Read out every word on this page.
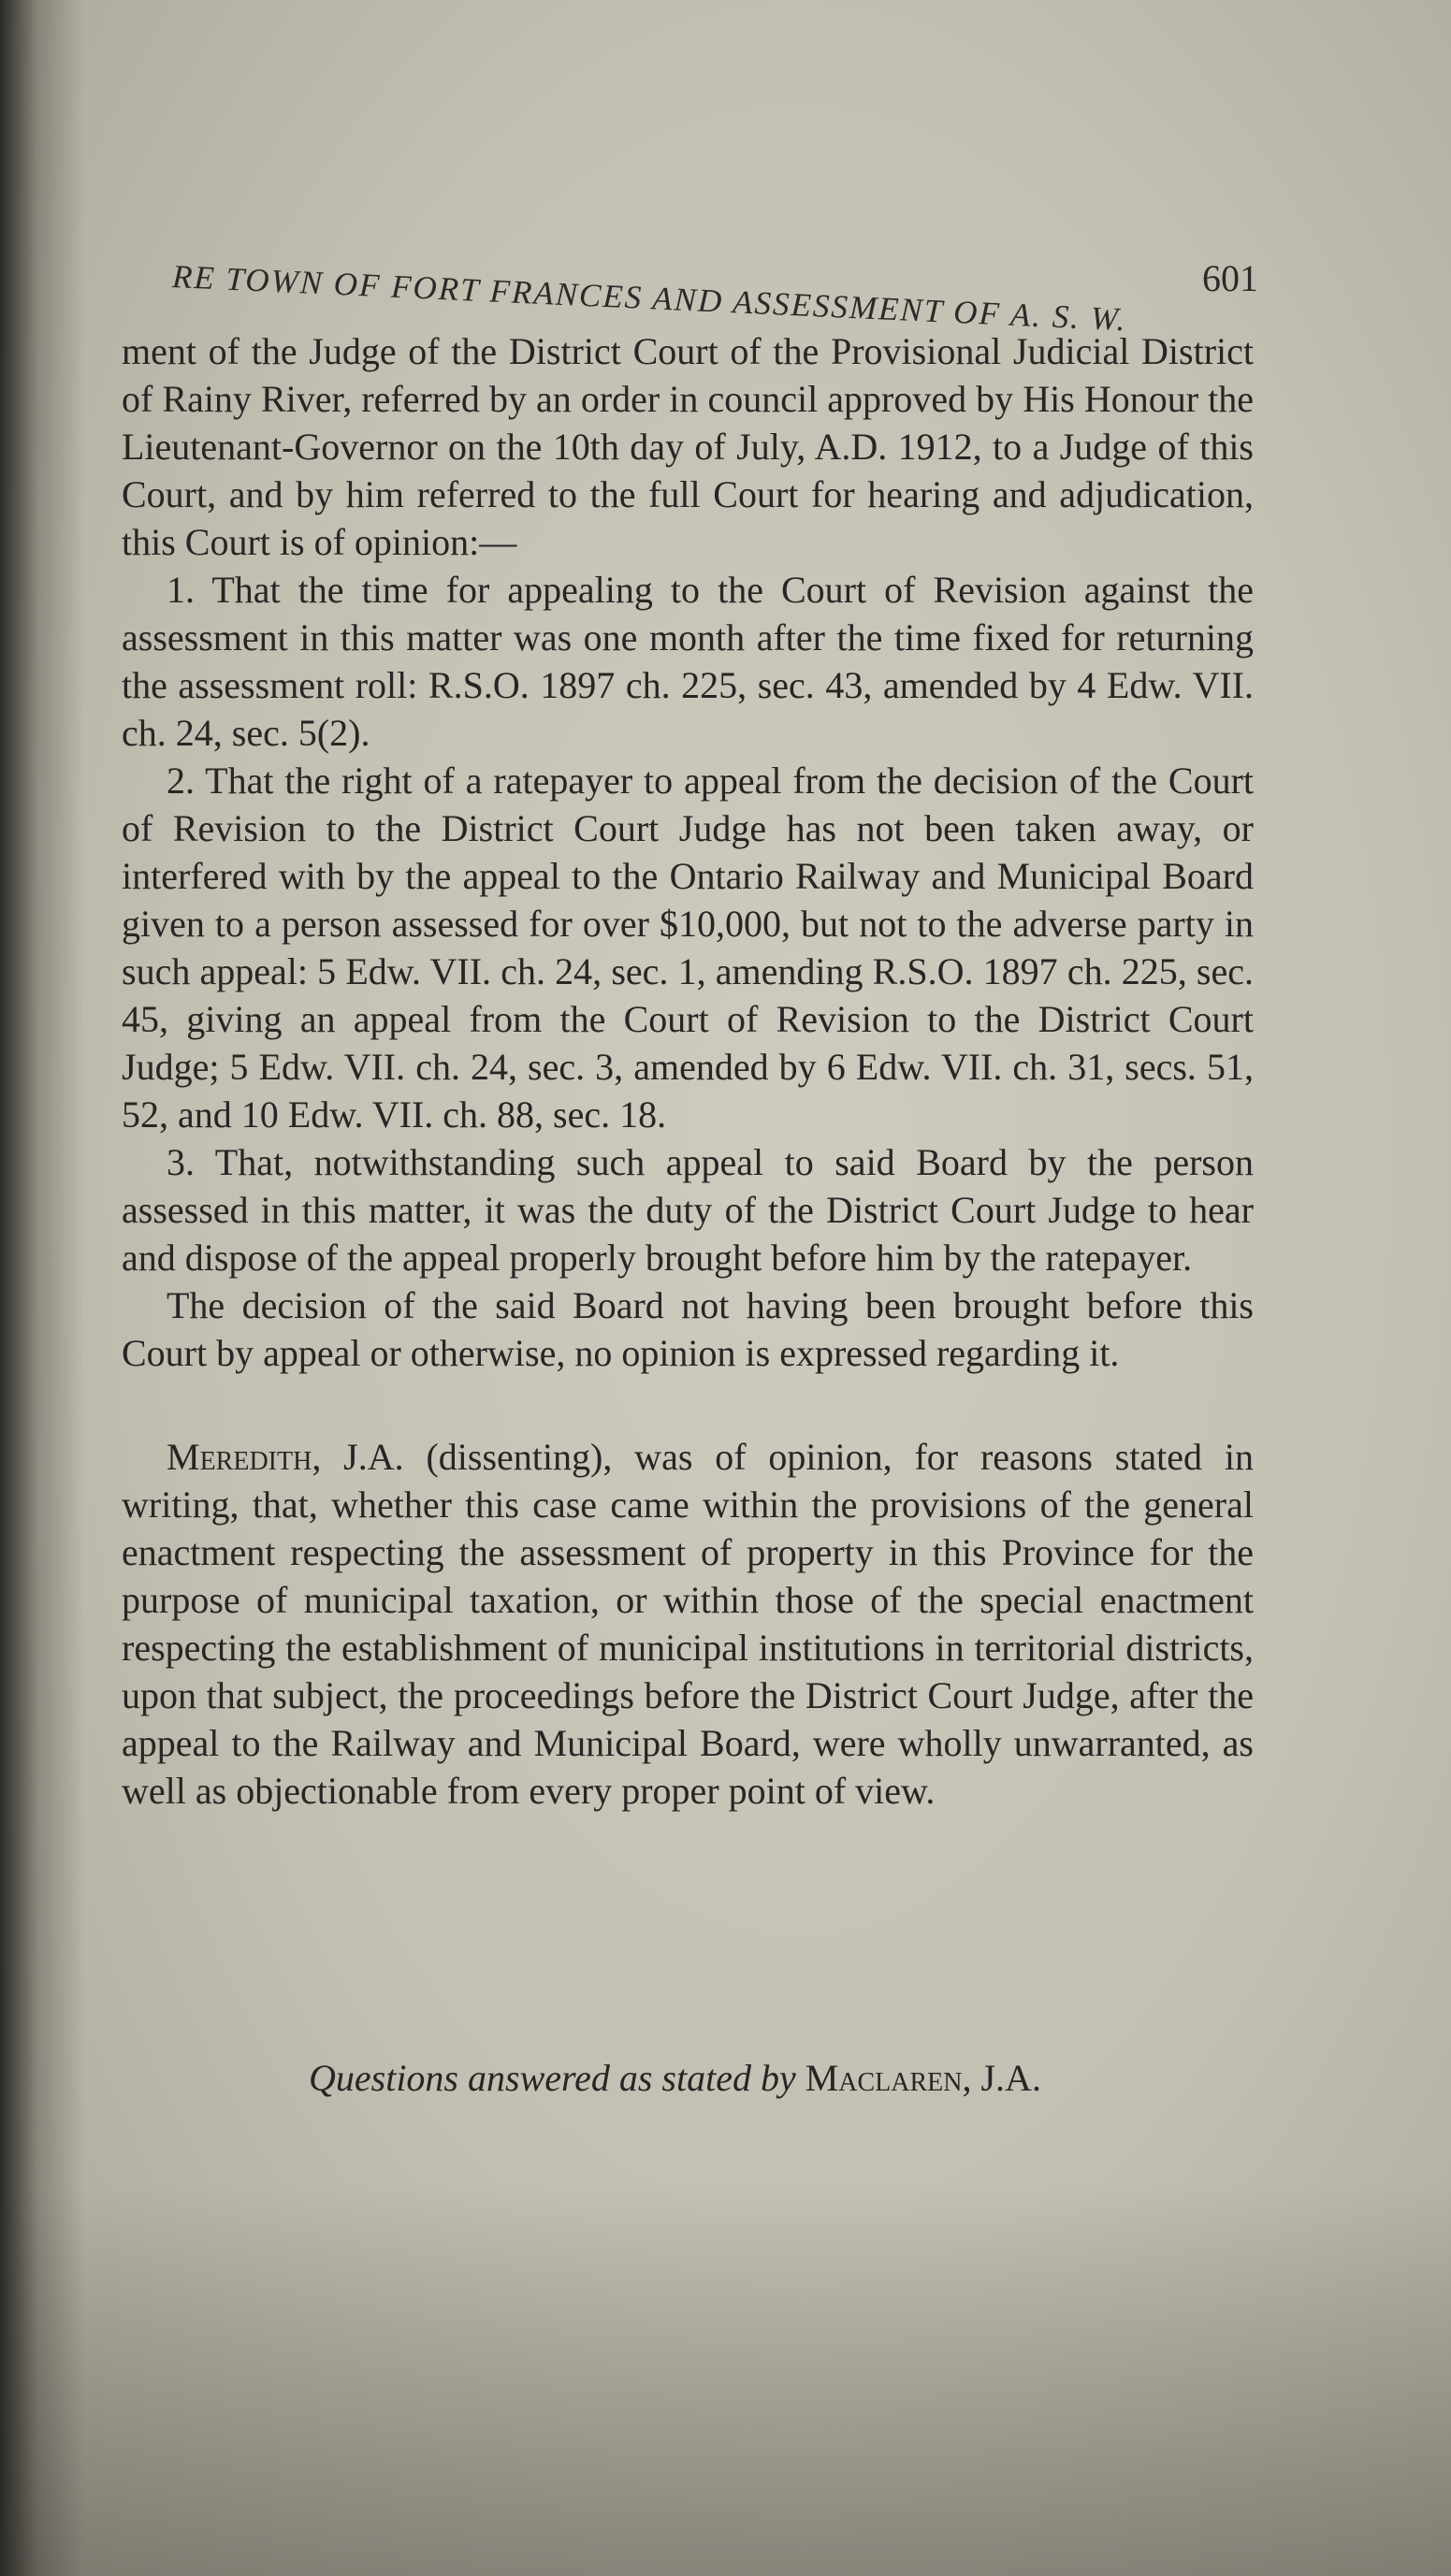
RE TOWN OF FORT FRANCES AND ASSESSMENT OF A. S. W. 601

ment of the Judge of the District Court of the Provisional Judicial District of Rainy River, referred by an order in council approved by His Honour the Lieutenant-Governor on the 10th day of July, A.D. 1912, to a Judge of this Court, and by him referred to the full Court for hearing and adjudication, this Court is of opinion:—

1. That the time for appealing to the Court of Revision against the assessment in this matter was one month after the time fixed for returning the assessment roll: R.S.O. 1897 ch. 225, sec. 43, amended by 4 Edw. VII. ch. 24, sec. 5(2).

2. That the right of a ratepayer to appeal from the decision of the Court of Revision to the District Court Judge has not been taken away, or interfered with by the appeal to the Ontario Railway and Municipal Board given to a person assessed for over $10,000, but not to the adverse party in such appeal: 5 Edw. VII. ch. 24, sec. 1, amending R.S.O. 1897 ch. 225, sec. 45, giving an appeal from the Court of Revision to the District Court Judge; 5 Edw. VII. ch. 24, sec. 3, amended by 6 Edw. VII. ch. 31, secs. 51, 52, and 10 Edw. VII. ch. 88, sec. 18.

3. That, notwithstanding such appeal to said Board by the person assessed in this matter, it was the duty of the District Court Judge to hear and dispose of the appeal properly brought before him by the ratepayer.

The decision of the said Board not having been brought before this Court by appeal or otherwise, no opinion is expressed regarding it.

Meredith, J.A. (dissenting), was of opinion, for reasons stated in writing, that, whether this case came within the provisions of the general enactment respecting the assessment of property in this Province for the purpose of municipal taxation, or within those of the special enactment respecting the establishment of municipal institutions in territorial districts, upon that subject, the proceedings before the District Court Judge, after the appeal to the Railway and Municipal Board, were wholly unwarranted, as well as objectionable from every proper point of view.

Questions answered as stated by Maclaren, J.A.
